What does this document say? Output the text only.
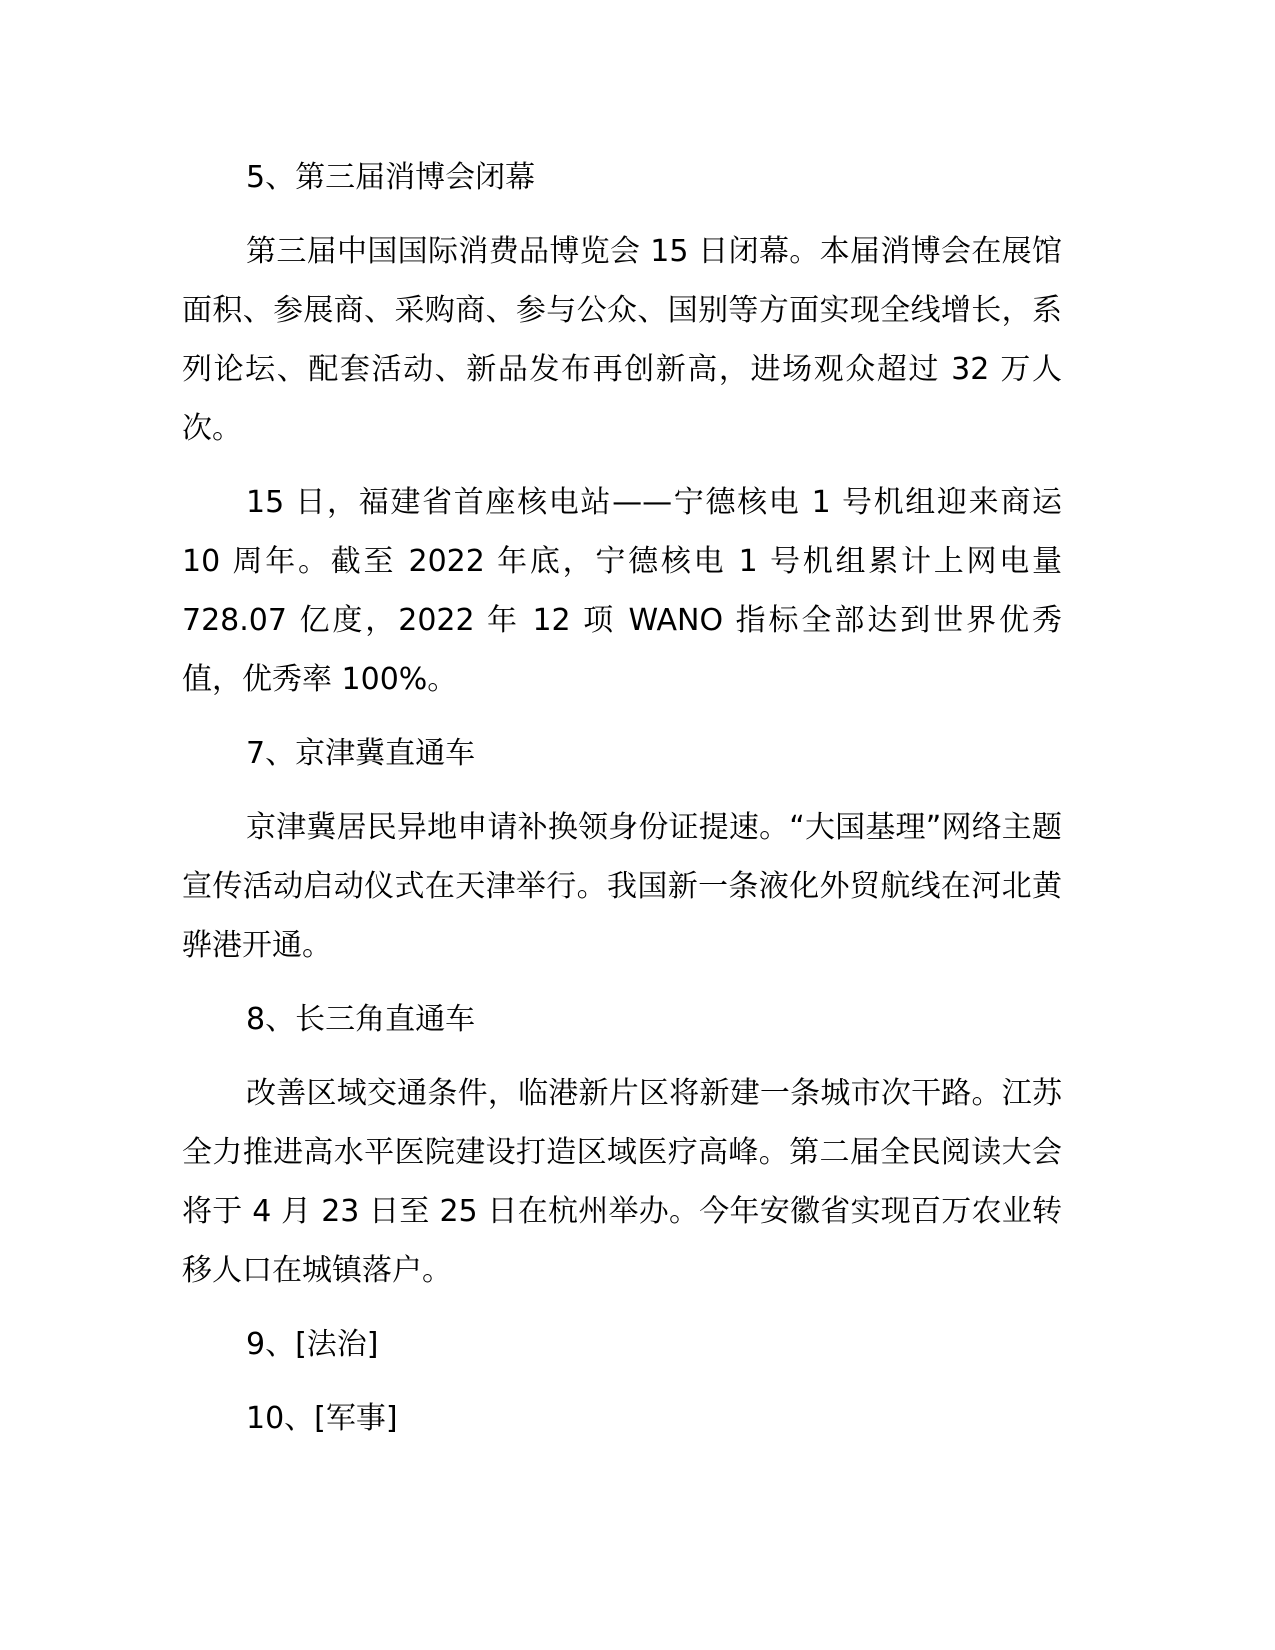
5、第三届消博会闭幕

第三届中国国际消费品博览会 15 日闭幕。本届消博会在展馆面积、参展商、采购商、参与公众、国别等方面实现全线增长，系列论坛、配套活动、新品发布再创新高，进场观众超过 32 万人次。

15 日，福建省首座核电站——宁德核电 1 号机组迎来商运 10 周年。截至 2022 年底，宁德核电 1 号机组累计上网电量 728.07 亿度，2022 年 12 项 WANO 指标全部达到世界优秀值，优秀率 100%。

7、京津冀直通车

京津冀居民异地申请补换领身份证提速。“大国基理”网络主题宣传活动启动仪式在天津举行。我国新一条液化外贸航线在河北黄骅港开通。

8、长三角直通车

改善区域交通条件，临港新片区将新建一条城市次干路。江苏全力推进高水平医院建设打造区域医疗高峰。第二届全民阅读大会将于 4 月 23 日至 25 日在杭州举办。今年安徽省实现百万农业转移人口在城镇落户。

9、[法治]
10、[军事]
